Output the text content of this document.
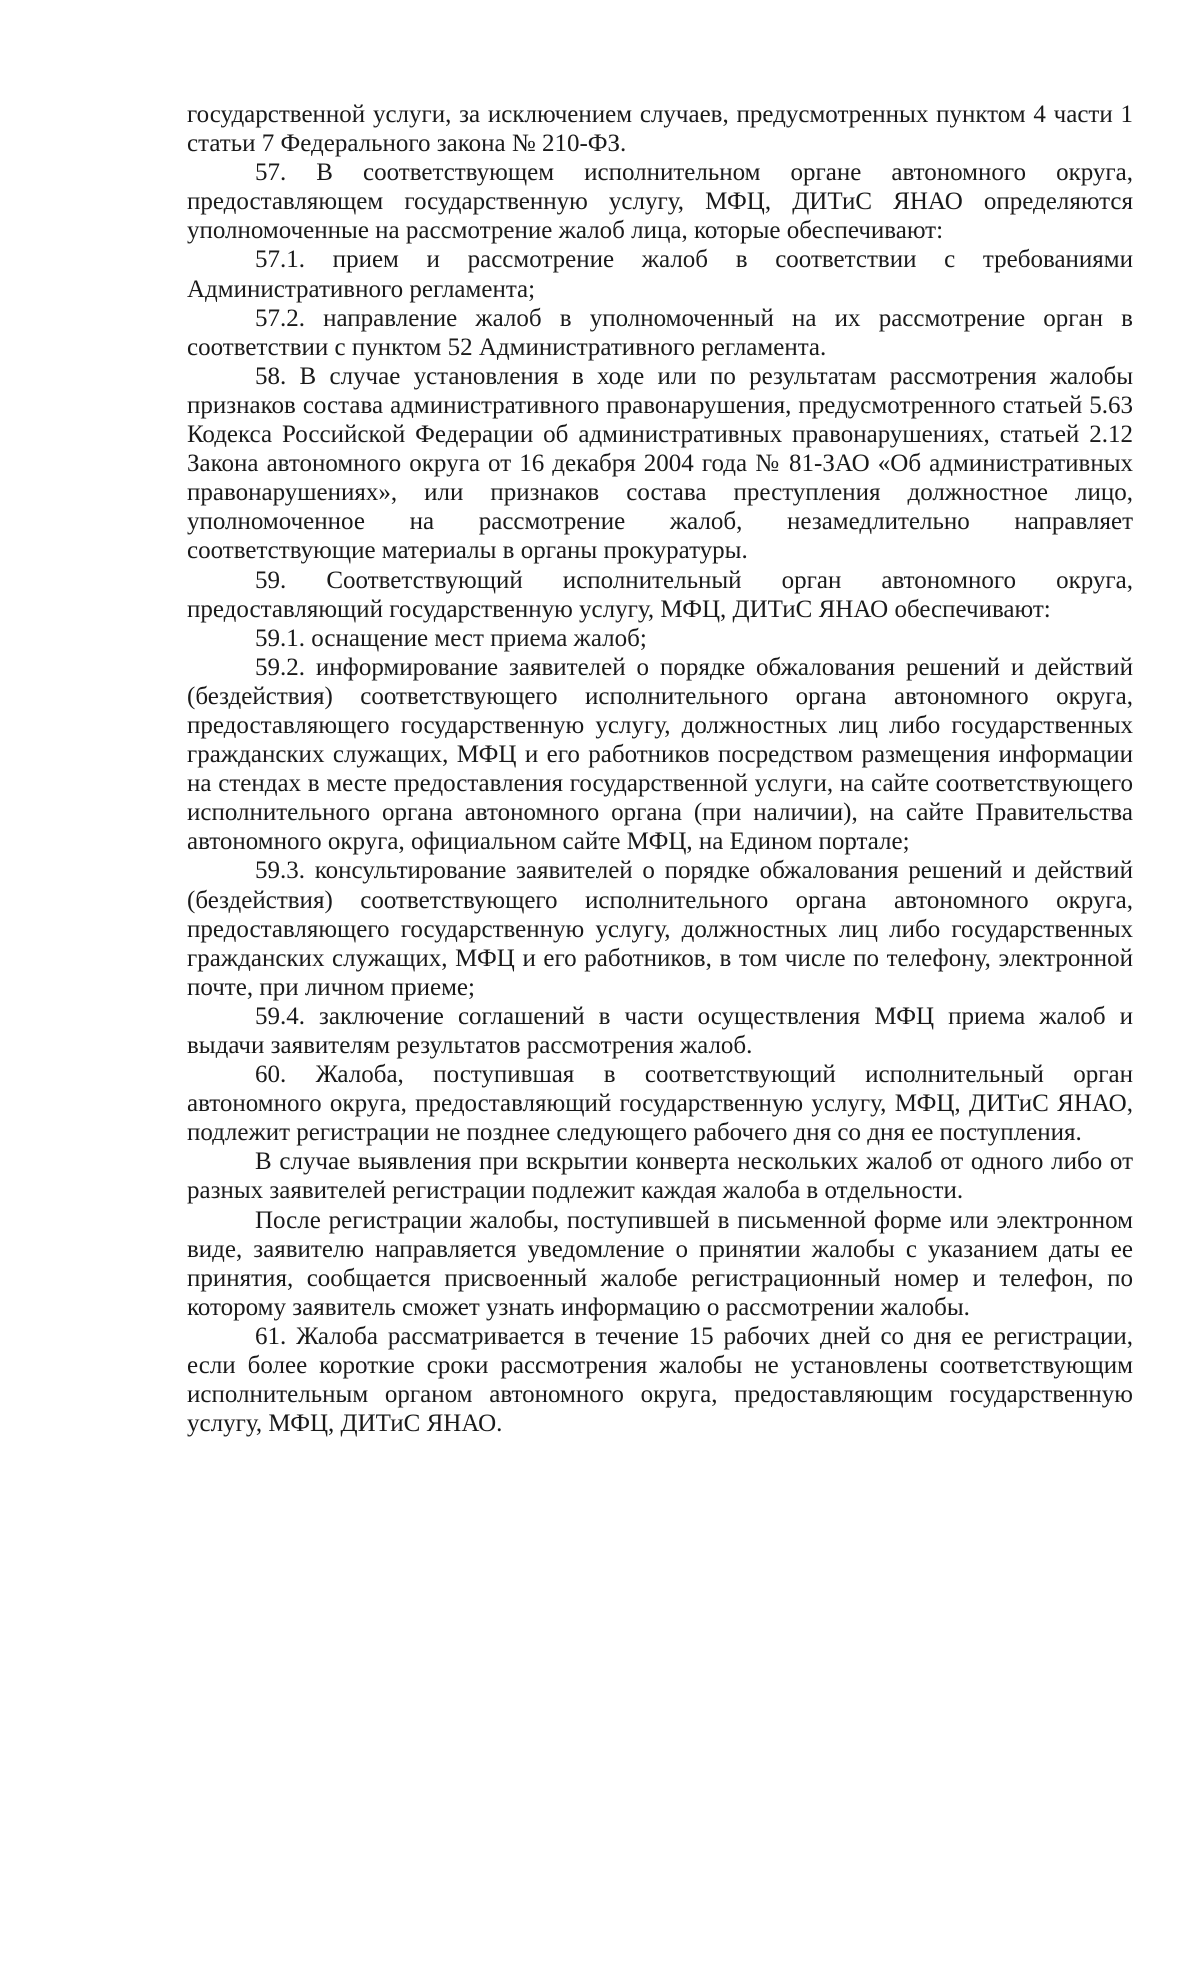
государственной услуги, за исключением случаев, предусмотренных пунктом 4 части 1 статьи 7 Федерального закона № 210-ФЗ.

57. В соответствующем исполнительном органе автономного округа, предоставляющем государственную услугу, МФЦ, ДИТиС ЯНАО определяются уполномоченные на рассмотрение жалоб лица, которые обеспечивают:

57.1. прием и рассмотрение жалоб в соответствии с требованиями Административного регламента;

57.2. направление жалоб в уполномоченный на их рассмотрение орган в соответствии с пунктом 52 Административного регламента.

58. В случае установления в ходе или по результатам рассмотрения жалобы признаков состава административного правонарушения, предусмотренного статьей 5.63 Кодекса Российской Федерации об административных правонарушениях, статьей 2.12 Закона автономного округа от 16 декабря 2004 года № 81-ЗАО «Об административных правонарушениях», или признаков состава преступления должностное лицо, уполномоченное на рассмотрение жалоб, незамедлительно направляет соответствующие материалы в органы прокуратуры.

59. Соответствующий исполнительный орган автономного округа, предоставляющий государственную услугу, МФЦ, ДИТиС ЯНАО обеспечивают:

59.1. оснащение мест приема жалоб;

59.2. информирование заявителей о порядке обжалования решений и действий (бездействия) соответствующего исполнительного органа автономного округа, предоставляющего государственную услугу, должностных лиц либо государственных гражданских служащих, МФЦ и его работников посредством размещения информации на стендах в месте предоставления государственной услуги, на сайте соответствующего исполнительного органа автономного органа (при наличии), на сайте Правительства автономного округа, официальном сайте МФЦ, на Едином портале;

59.3. консультирование заявителей о порядке обжалования решений и действий (бездействия) соответствующего исполнительного органа автономного округа, предоставляющего государственную услугу, должностных лиц либо государственных гражданских служащих, МФЦ и его работников, в том числе по телефону, электронной почте, при личном приеме;

59.4. заключение соглашений в части осуществления МФЦ приема жалоб и выдачи заявителям результатов рассмотрения жалоб.

60. Жалоба, поступившая в соответствующий исполнительный орган автономного округа, предоставляющий государственную услугу, МФЦ, ДИТиС ЯНАО, подлежит регистрации не позднее следующего рабочего дня со дня ее поступления.

В случае выявления при вскрытии конверта нескольких жалоб от одного либо от разных заявителей регистрации подлежит каждая жалоба в отдельности.

После регистрации жалобы, поступившей в письменной форме или электронном виде, заявителю направляется уведомление о принятии жалобы с указанием даты ее принятия, сообщается присвоенный жалобе регистрационный номер и телефон, по которому заявитель сможет узнать информацию о рассмотрении жалобы.

61. Жалоба рассматривается в течение 15 рабочих дней со дня ее регистрации, если более короткие сроки рассмотрения жалобы не установлены соответствующим исполнительным органом автономного округа, предоставляющим государственную услугу, МФЦ, ДИТиС ЯНАО.
